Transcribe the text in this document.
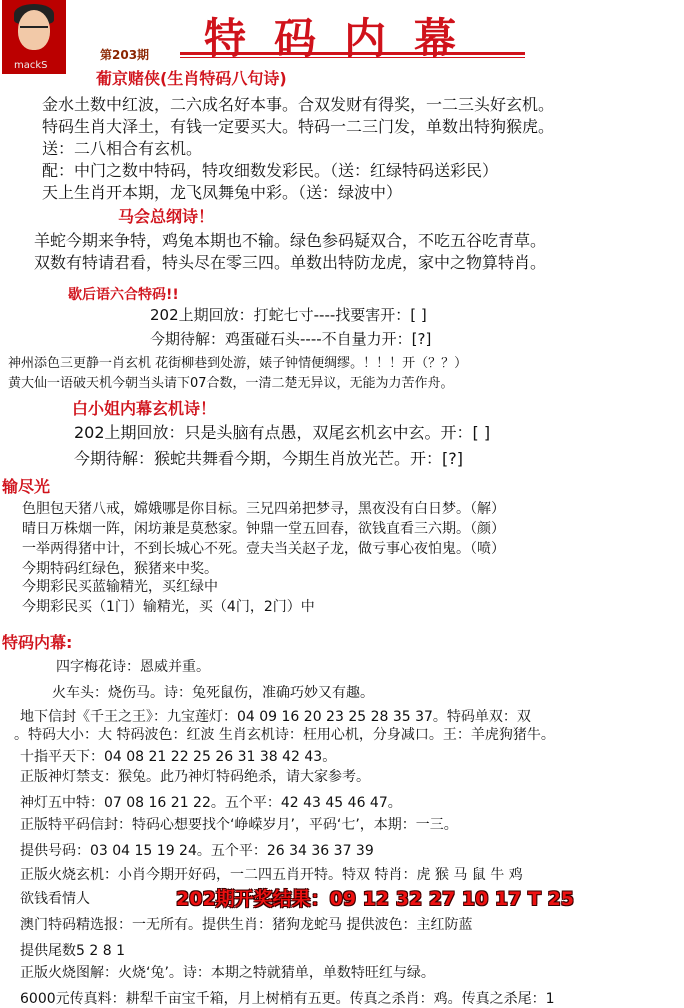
mackS
特码内幕
第203期
葡京赌侠(生肖特码八句诗)
金水土数中红波，二六成名好本事。合双发财有得奖，一二三头好玄机。
特码生肖大泽土，有钱一定要买大。特码一二三门发，单数出特狗猴虎。
送：二八相合有玄机。
配：中门之数中特码，特攻细数发彩民。（送：红绿特码送彩民）
天上生肖开本期，龙飞凤舞兔中彩。（送：绿波中）
马会总纲诗！
羊蛇今期来争特，鸡兔本期也不输。绿色参码疑双合，不吃五谷吃青草。
双数有特请君看，特头尽在零三四。单数出特防龙虎，家中之物算特肖。
歇后语六合特码!!
202上期回放：打蛇七寸----找要害开：[ ]
今期待解：鸡蛋碰石头----不自量力开：[?]
神州添色三更静一肖玄机 花街柳巷到处游，婊子钟情便绸缪。！！！开（？？）
黄大仙一语破天机今朝当头请下07合数，一清二楚无异议，无能为力苦作舟。
白小姐内幕玄机诗！
202上期回放：只是头脑有点愚，双尾玄机玄中玄。开：[ ]
今期待解：猴蛇共舞看今期，今期生肖放光芒。开：[?]
输尽光
色胆包天猪八戒，嫦娥哪是你目标。三兄四弟把梦寻，黑夜没有白日梦。（解）
晴日万株烟一阵，闲坊兼是莫愁家。钟鼎一堂五回春，欲钱直看三六期。（颜）
一举两得猪中计，不到长城心不死。壹夫当关赵子龙，做亏事心夜怕鬼。（喷）
今期特码红绿色，猴猪来中奖。
今期彩民买蓝输精光，买红绿中
今期彩民买（1门）输精光，买（4门，2门）中
特码内幕:
四字梅花诗：恩威并重。
火车头：烧伤马。诗：兔死鼠伤，准确巧妙又有趣。
地下信封《千王之王》：九宝莲灯：04 09 16 20 23 25 28 35 37。特码单双：双
。特码大小：大 特码波色：红波 生肖玄机诗：枉用心机，分身减口。王：羊虎狗猪牛。
十指平天下：04 08 21 22 25 26 31 38 42 43。
正版神灯禁支：猴兔。此乃神灯特码绝杀，请大家参考。
神灯五中特：07 08 16 21 22。五个平：42 43 45 46 47。
正版特平码信封：特码心想要找个‘峥嵘岁月’，平码‘七’，本期：一三。
提供号码：03 04 15 19 24。五个平：26 34 36 37 39
正版火烧玄机：小肖今期开好码，一二四五肖开特。特双 特肖：虎 猴 马 鼠 牛 鸡
欲钱看情人	202期开奖结果：09 12 32 27 10 17 T 25
澳门特码精选报：一无所有。提供生肖：猪狗龙蛇马 提供波色：主红防蓝
提供尾数5 2 8 1
正版火烧图解：火烧‘兔’。诗：本期之特就猜单，单数特旺红与绿。
6000元传真料：耕犁千亩宝千箱，月上树梢有五更。传真之杀肖：鸡。传真之杀尾：1
